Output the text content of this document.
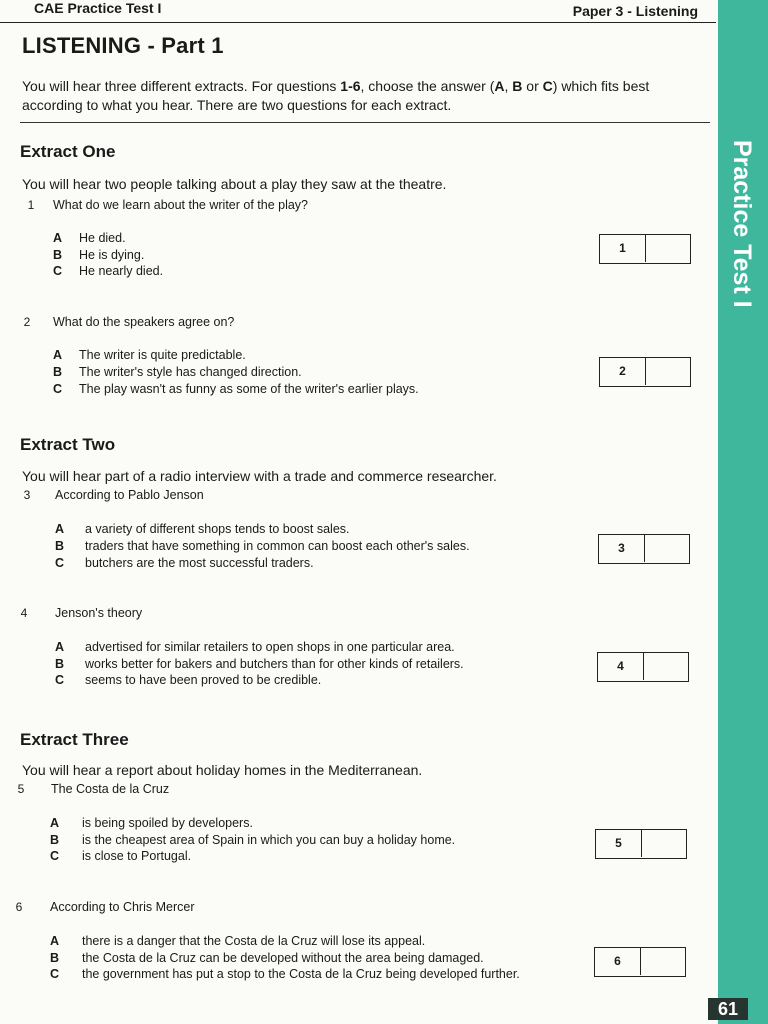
CAE Practice Test I	Paper 3 - Listening
Practice Test I
61
LISTENING - Part 1
You will hear three different extracts. For questions 1-6, choose the answer (A, B or C) which fits best according to what you hear. There are two questions for each extract.
Extract One
You will hear two people talking about a play they saw at the theatre.
1 What do we learn about the writer of the play?
A	He died.
B	He is dying.
C	He nearly died.
1
2 What do the speakers agree on?
A	The writer is quite predictable.
B	The writer's style has changed direction.
C	The play wasn't as funny as some of the writer's earlier plays.
2
Extract Two
You will hear part of a radio interview with a trade and commerce researcher.
3 According to Pablo Jenson
A	a variety of different shops tends to boost sales.
B	traders that have something in common can boost each other's sales.
C	butchers are the most successful traders.
3
4 Jenson's theory
A	advertised for similar retailers to open shops in one particular area.
B	works better for bakers and butchers than for other kinds of retailers.
C	seems to have been proved to be credible.
4
Extract Three
You will hear a report about holiday homes in the Mediterranean.
5 The Costa de la Cruz
A	is being spoiled by developers.
B	is the cheapest area of Spain in which you can buy a holiday home.
C	is close to Portugal.
5
6 According to Chris Mercer
A	there is a danger that the Costa de la Cruz will lose its appeal.
B	the Costa de la Cruz can be developed without the area being damaged.
C	the government has put a stop to the Costa de la Cruz being developed further.
6
